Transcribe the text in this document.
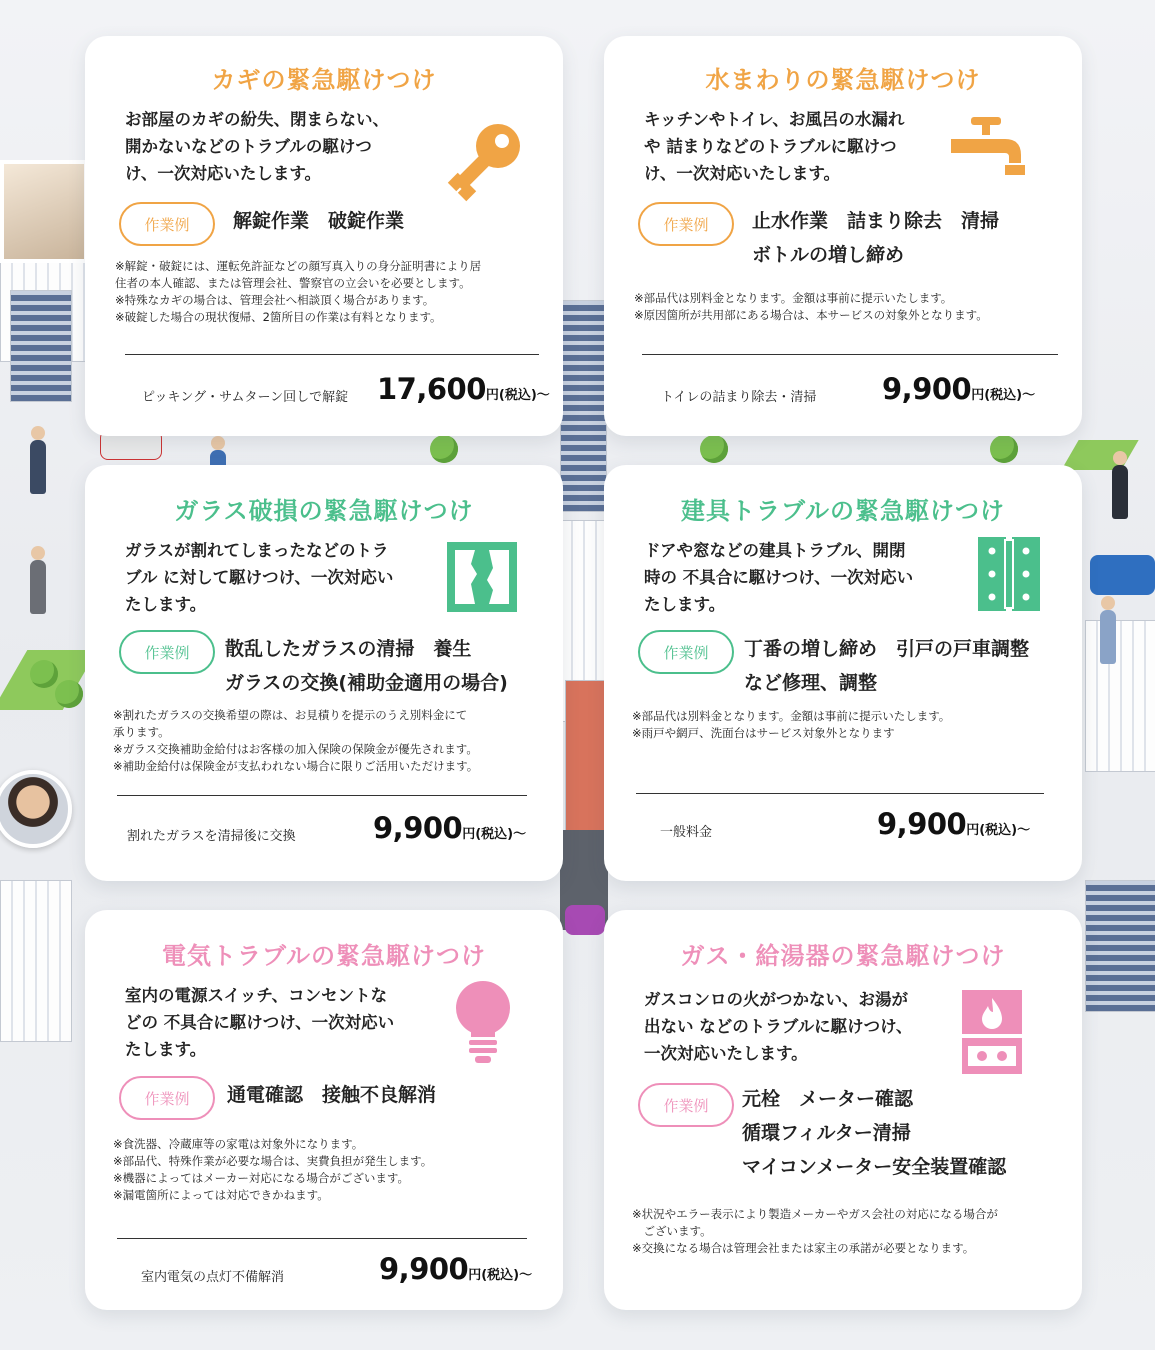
カギの緊急駆けつけ
お部屋のカギの紛失、閉まらない、
開かないなどのトラブルの駆けつ
け、一次対応いたします。
作業例	解錠作業　破錠作業
※解錠・破錠には、運転免許証などの顔写真入りの身分証明書により居
住者の本人確認、または管理会社、警察官の立会いを必要とします。
※特殊なカギの場合は、管理会社へ相談頂く場合があります。
※破錠した場合の現状復帰、2箇所目の作業は有料となります。
ピッキング・サムターン回しで解錠 17,600円(税込)〜
水まわりの緊急駆けつけ
キッチンやトイレ、お風呂の水漏れ
や 詰まりなどのトラブルに駆けつ
け、一次対応いたします。
作業例	止水作業　詰まり除去　清掃
ボトルの増し締め
※部品代は別料金となります。金額は事前に提示いたします。
※原因箇所が共用部にある場合は、本サービスの対象外となります。
トイレの詰まり除去・清掃 9,900円(税込)〜
ガラス破損の緊急駆けつけ
ガラスが割れてしまったなどのトラ
ブル に対して駆けつけ、一次対応い
たします。
作業例	散乱したガラスの清掃　養生
ガラスの交換(補助金適用の場合)
※割れたガラスの交換希望の際は、お見積りを提示のうえ別料金にて
承ります。
※ガラス交換補助金給付はお客様の加入保険の保険金が優先されます。
※補助金給付は保険金が支払われない場合に限りご活用いただけます。
割れたガラスを清掃後に交換	9,900円(税込)〜
建具トラブルの緊急駆けつけ
ドアや窓などの建具トラブル、開閉
時の 不具合に駆けつけ、一次対応い
たします。
作業例	丁番の増し締め　引戸の戸車調整
など修理、調整
※部品代は別料金となります。金額は事前に提示いたします。
※雨戸や網戸、洗面台はサービス対象外となります
一般料金	9,900円(税込)〜
電気トラブルの緊急駆けつけ
室内の電源スイッチ、コンセントな
どの 不具合に駆けつけ、一次対応い
たします。
作業例	通電確認　接触不良解消
※食洗器、冷蔵庫等の家電は対象外になります。
※部品代、特殊作業が必要な場合は、実費負担が発生します。
※機器によってはメーカー対応になる場合がございます。
※漏電箇所によっては対応できかねます。
室内電気の点灯不備解消	9,900円(税込)〜
ガス・給湯器の緊急駆けつけ
ガスコンロの火がつかない、お湯が
出ない などのトラブルに駆けつけ、
一次対応いたします。
作業例	元栓　メーター確認
循環フィルター清掃
マイコンメーター安全装置確認
※状況やエラー表示により製造メーカーやガス会社の対応になる場合が
　ございます。
※交換になる場合は管理会社または家主の承諾が必要となります。
